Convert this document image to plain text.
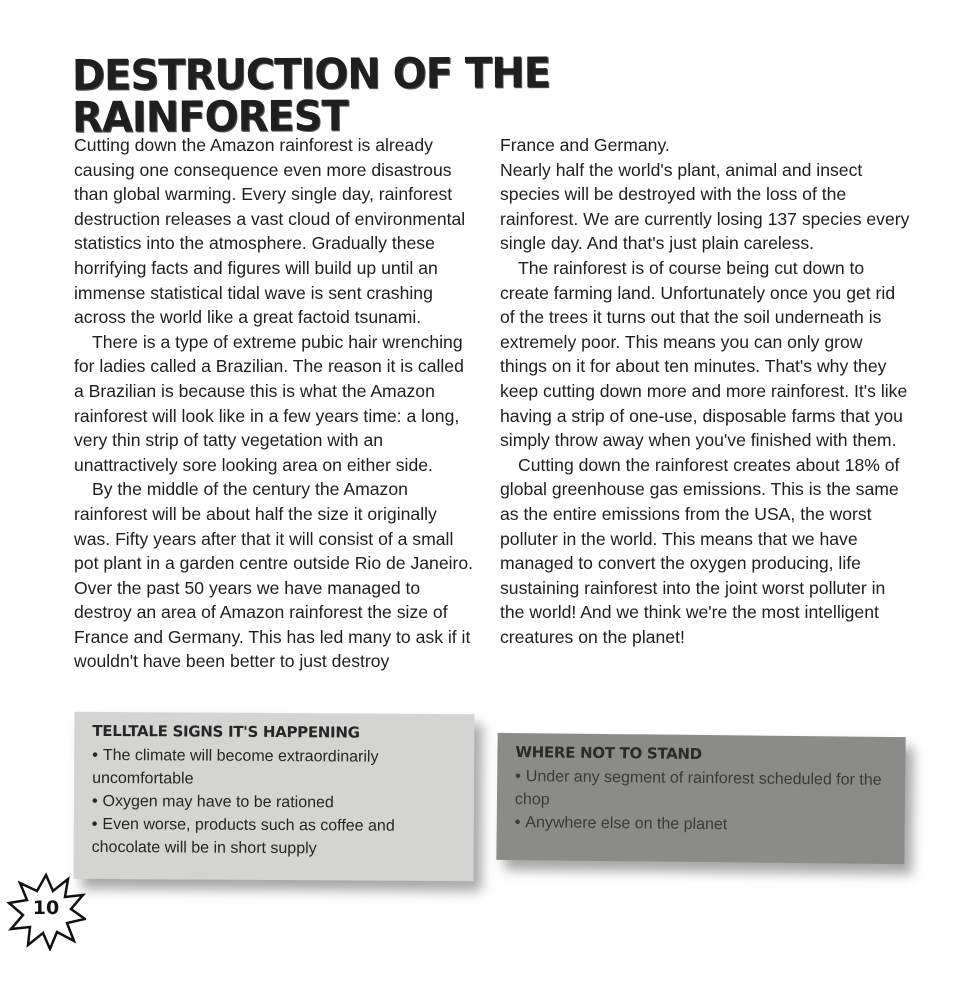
DESTRUCTION OF THE RAINFOREST

Cutting down the Amazon rainforest is already causing one consequence even more disastrous than global warming. Every single day, rainforest destruction releases a vast cloud of environmental statistics into the atmosphere. Gradually these horrifying facts and figures will build up until an immense statistical tidal wave is sent crashing across the world like a great factoid tsunami.

There is a type of extreme pubic hair wrenching for ladies called a Brazilian. The reason it is called a Brazilian is because this is what the Amazon rainforest will look like in a few years time: a long, very thin strip of tatty vegetation with an unattractively sore looking area on either side.

By the middle of the century the Amazon rainforest will be about half the size it originally was. Fifty years after that it will consist of a small pot plant in a garden centre outside Rio de Janeiro. Over the past 50 years we have managed to destroy an area of Amazon rainforest the size of France and Germany. This has led many to ask if it wouldn't have been better to just destroy

France and Germany.

Nearly half the world's plant, animal and insect species will be destroyed with the loss of the rainforest. We are currently losing 137 species every single day. And that's just plain careless.

The rainforest is of course being cut down to create farming land. Unfortunately once you get rid of the trees it turns out that the soil underneath is extremely poor. This means you can only grow things on it for about ten minutes. That's why they keep cutting down more and more rainforest. It's like having a strip of one-use, disposable farms that you simply throw away when you've finished with them.

Cutting down the rainforest creates about 18% of global greenhouse gas emissions. This is the same as the entire emissions from the USA, the worst polluter in the world. This means that we have managed to convert the oxygen producing, life sustaining rainforest into the joint worst polluter in the world! And we think we're the most intelligent creatures on the planet!

TELLTALE SIGNS IT'S HAPPENING
• The climate will become extraordinarily uncomfortable
• Oxygen may have to be rationed
• Even worse, products such as coffee and chocolate will be in short supply
WHERE NOT TO STAND
• Under any segment of rainforest scheduled for the chop
• Anywhere else on the planet
10
